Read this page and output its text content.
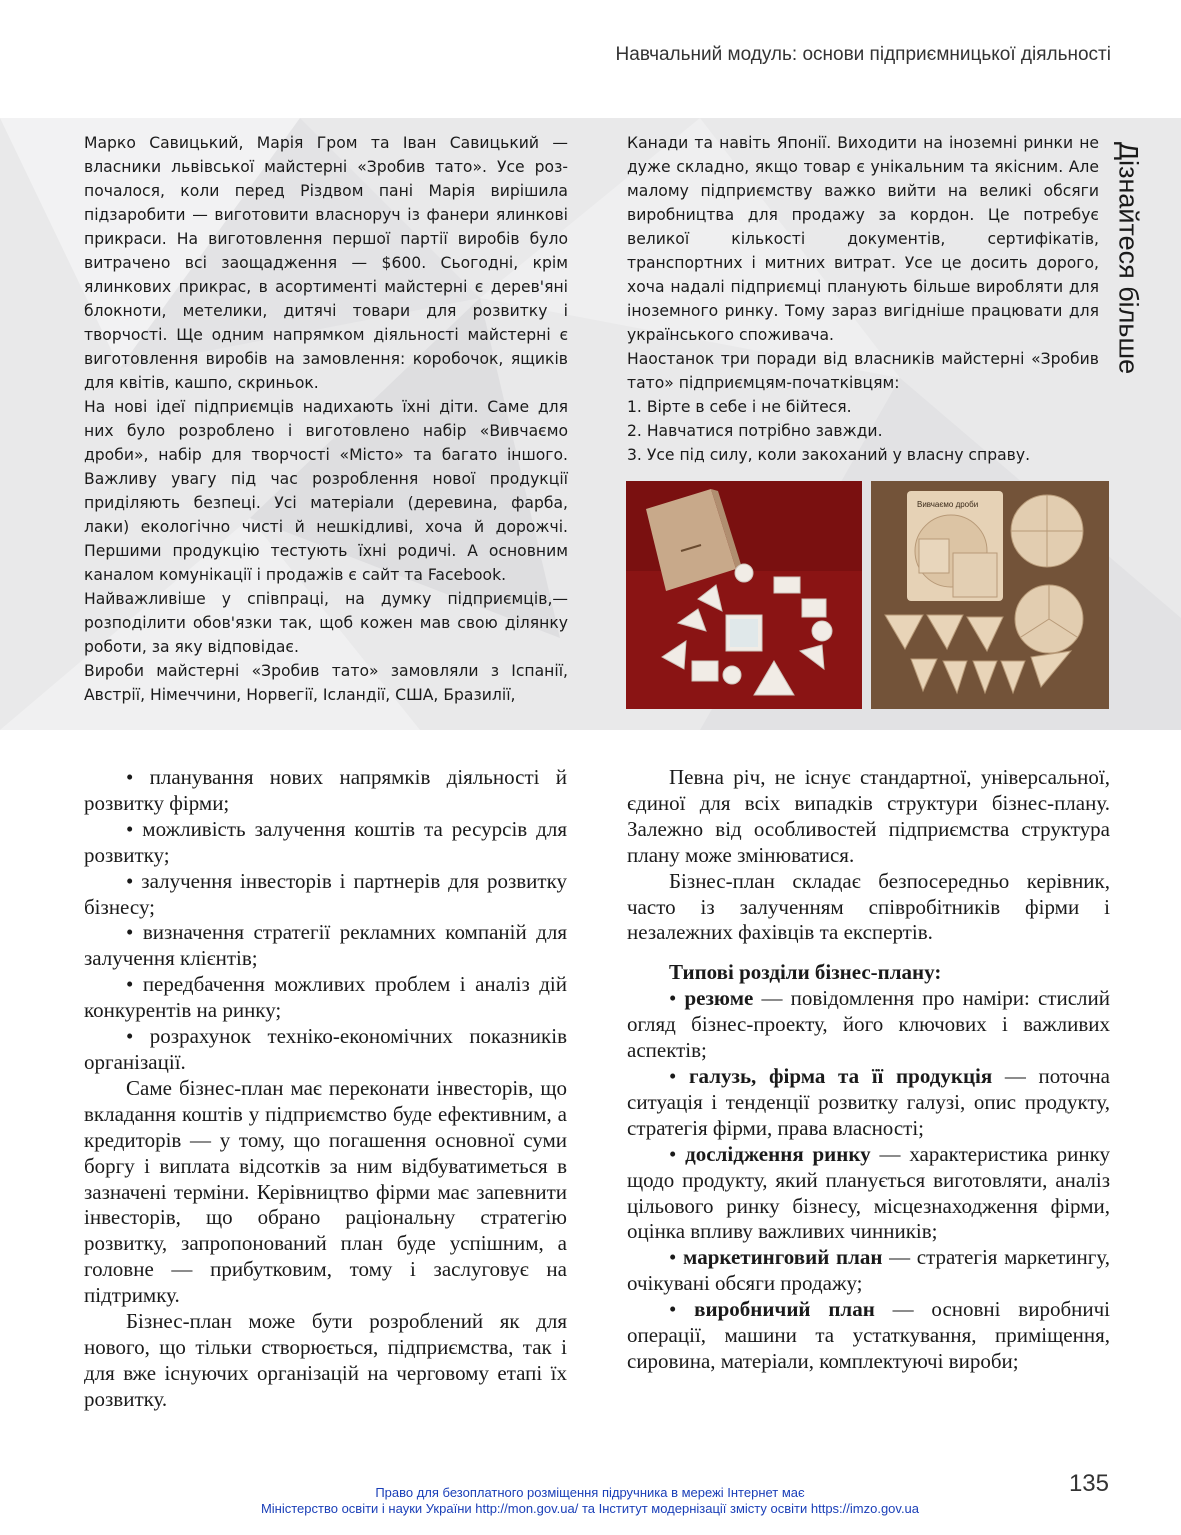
Навчальний модуль: основи підприємницької діяльності
Дізнайтеся більше

Марко Савицький, Марія Гром та Іван Савицький — власники львівської майстерні «Зробив тато». Усе розпочалося, коли перед Різдвом пані Марія вирішила підзаробити — виготовити власноруч із фанери ялинкові прикраси. На виготовлення першої партії виробів було витрачено всі заощадження — $600. Сьогодні, крім ялинкових прикрас, в асортименті майстерні є дерев'яні блокноти, метелики, дитячі товари для розвитку і творчості. Ще одним напрямком діяльності майстерні є виготовлення виробів на замовлення: коробочок, ящиків для квітів, кашпо, скриньок.

На нові ідеї підприємців надихають їхні діти. Саме для них було розроблено і виготовлено набір «Вивчаємо дроби», набір для творчості «Місто» та багато іншого. Важливу увагу під час розроблення нової продукції приділяють безпеці. Усі матеріали (деревина, фарба, лаки) екологічно чисті й нешкідливі, хоча й дорожчі. Першими продукцію тестують їхні родичі. А основним каналом комунікації і продажів є сайт та Facebook.

Найважливіше у співпраці, на думку підприємців,— розподілити обов'язки так, щоб кожен мав свою ділянку роботи, за яку відповідає.

Вироби майстерні «Зробив тато» замовляли з Іспанії, Австрії, Німеччини, Норвегії, Ісландії, США, Бразилії,

Канади та навіть Японії. Виходити на іноземні ринки не дуже складно, якщо товар є унікальним та якісним. Але малому підприємству важко вийти на великі обсяги виробництва для продажу за кордон. Це потребує великої кількості документів, сертифікатів, транспортних і митних витрат. Усе це досить дорого, хоча надалі підприємці планують більше виробляти для іноземного ринку. Тому зараз вигідніше працювати для українського споживача.

Наостанок три поради від власників майстерні «Зробив тато» підприємцям-початківцям:

1. Вірте в себе і не бійтеся.

2. Навчатися потрібно завжди.

3. Усе під силу, коли закоханий у власну справу.

Вивчаємо дроби

• планування нових напрямків діяльності й розвитку фірми;

• можливість залучення коштів та ресурсів для розвитку;

• залучення інвесторів і партнерів для розвитку бізнесу;

• визначення стратегії рекламних компаній для залучення клієнтів;

• передбачення можливих проблем і аналіз дій конкурентів на ринку;

• розрахунок техніко-економічних показників організації.

Саме бізнес-план має переконати інвесторів, що вкладання коштів у підприємство буде ефективним, а кредиторів — у тому, що погашення основної суми боргу і виплата відсотків за ним відбуватиметься в зазначені терміни. Керівництво фірми має запевнити інвесторів, що обрано раціональну стратегію розвитку, запропонований план буде успішним, а головне — прибутковим, тому і заслуговує на підтримку.

Бізнес-план може бути розроблений як для нового, що тільки створюється, підприємства, так і для вже існуючих організацій на черговому етапі їх розвитку.

Певна річ, не існує стандартної, універсальної, єдиної для всіх випадків структури бізнес-плану. Залежно від особливостей підприємства структура плану може змінюватися.

Бізнес-план складає безпосередньо керівник, часто із залученням співробітників фірми і незалежних фахівців та експертів.

Типові розділи бізнес-плану:

• резюме — повідомлення про наміри: стислий огляд бізнес-проекту, його ключових і важливих аспектів;

• галузь, фірма та її продукція — поточна ситуація і тенденції розвитку галузі, опис продукту, стратегія фірми, права власності;

• дослідження ринку — характеристика ринку щодо продукту, який планується виготовляти, аналіз цільового ринку бізнесу, місцезнаходження фірми, оцінка впливу важливих чинників;

• маркетинговий план — стратегія маркетингу, очікувані обсяги продажу;

• виробничий план — основні виробничі операції, машини та устаткування, приміщення, сировина, матеріали, комплектуючі вироби;

135
Право для безоплатного розміщення підручника в мережі Інтернет має
Міністерство освіти і науки України http://mon.gov.ua/ та Інститут модернізації змісту освіти https://imzo.gov.ua
